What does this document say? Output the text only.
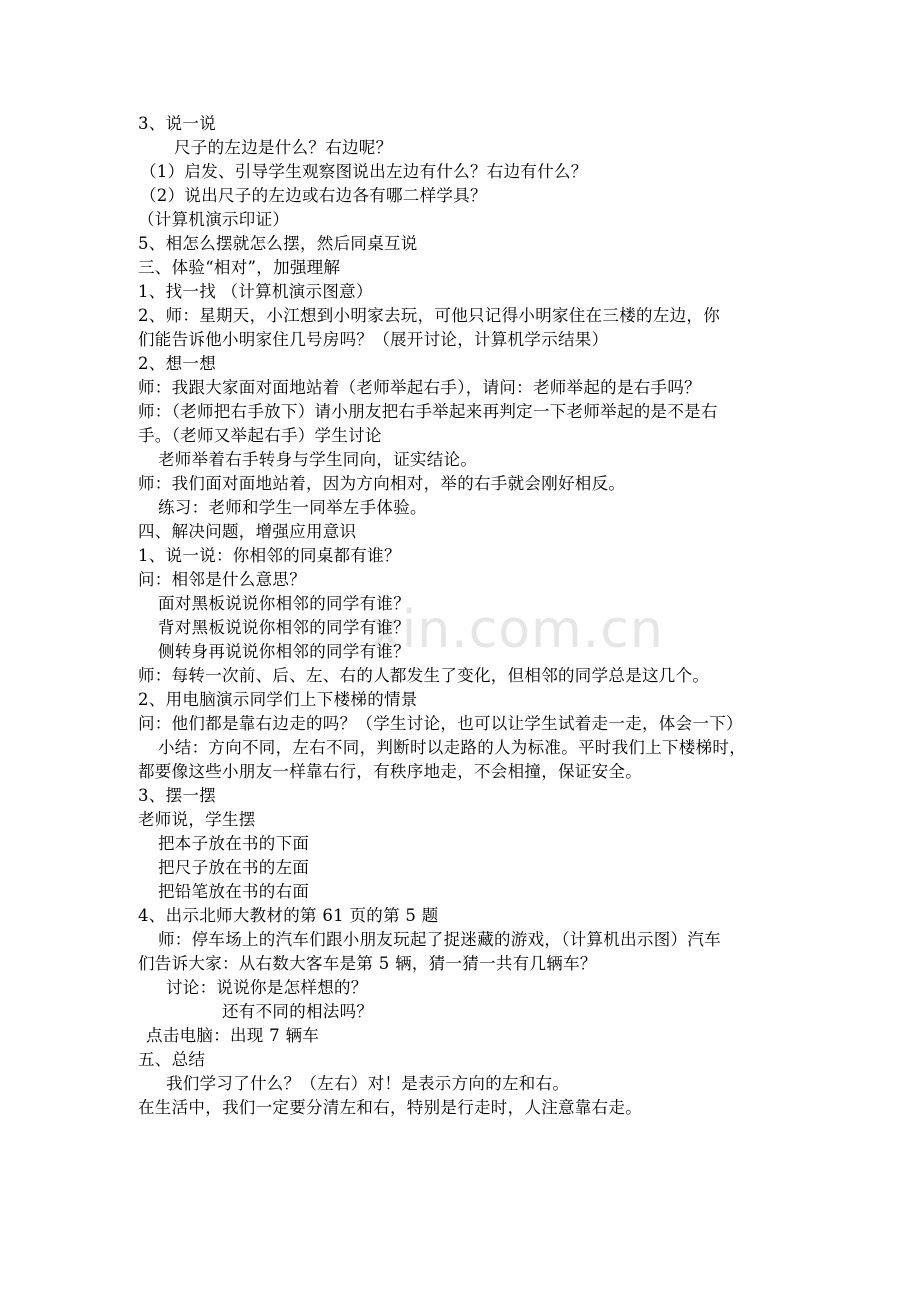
xin.com.cn
3、说一说
尺子的左边是什么？右边呢？
（1）启发、引导学生观察图说出左边有什么？右边有什么？
（2）说出尺子的左边或右边各有哪二样学具？
（计算机演示印证）
5、相怎么摆就怎么摆，然后同桌互说
三、体验“相对”，加强理解
1、找一找 （计算机演示图意）
2、师：星期天，小江想到小明家去玩，可他只记得小明家住在三楼的左边，你
们能告诉他小明家住几号房吗？（展开讨论，计算机学示结果）
2、想一想
师：我跟大家面对面地站着（老师举起右手），请问：老师举起的是右手吗？
师：（老师把右手放下）请小朋友把右手举起来再判定一下老师举起的是不是右
手。（老师又举起右手）学生讨论
老师举着右手转身与学生同向，证实结论。
师：我们面对面地站着，因为方向相对，举的右手就会刚好相反。
练习：老师和学生一同举左手体验。
四、解决问题，增强应用意识
1、说一说：你相邻的同桌都有谁？
问：相邻是什么意思？
面对黑板说说你相邻的同学有谁？
背对黑板说说你相邻的同学有谁？
侧转身再说说你相邻的同学有谁？
师：每转一次前、后、左、右的人都发生了变化，但相邻的同学总是这几个。
2、用电脑演示同学们上下楼梯的情景
问：他们都是靠右边走的吗？（学生讨论，也可以让学生试着走一走，体会一下）
小结：方向不同，左右不同，判断时以走路的人为标准。平时我们上下楼梯时，
都要像这些小朋友一样靠右行，有秩序地走，不会相撞，保证安全。
3、摆一摆
老师说，学生摆
把本子放在书的下面
把尺子放在书的左面
把铅笔放在书的右面
4、出示北师大教材的第 61 页的第 5 题
师：停车场上的汽车们跟小朋友玩起了捉迷藏的游戏，（计算机出示图）汽车
们告诉大家：从右数大客车是第 5 辆，猜一猜一共有几辆车？
讨论：说说你是怎样想的？
还有不同的相法吗？
点击电脑：出现 7 辆车
五、总结
我们学习了什么？（左右）对！是表示方向的左和右。
在生活中，我们一定要分清左和右，特别是行走时，人注意靠右走。
